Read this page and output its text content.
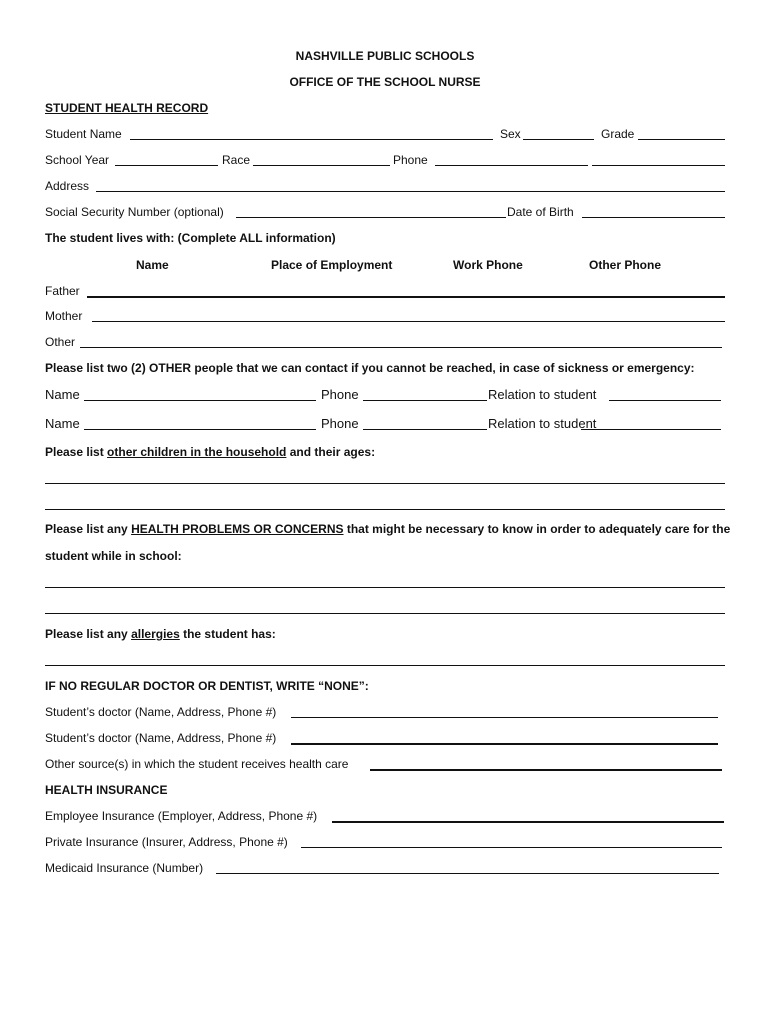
NASHVILLE PUBLIC SCHOOLS
OFFICE OF THE SCHOOL NURSE
STUDENT HEALTH RECORD
Student Name	Sex	Grade
School Year	Race	Phone
Address
Social Security Number (optional)	Date of Birth
The student lives with: (Complete ALL information)
Name	Place of Employment	Work Phone	Other Phone
Father
Mother
Other
Please list two (2) OTHER people that we can contact if you cannot be reached, in case of sickness or emergency:
Name	Phone	Relation to student
Name	Phone	Relation to student
Please list other children in the household and their ages:
Please list any HEALTH PROBLEMS OR CONCERNS that might be necessary to know in order to adequately care for the
student while in school:
Please list any allergies the student has:
IF NO REGULAR DOCTOR OR DENTIST, WRITE “NONE”:
Student’s doctor (Name, Address, Phone #)
Student’s doctor (Name, Address, Phone #)
Other source(s) in which the student receives health care
HEALTH INSURANCE
Employee Insurance (Employer, Address, Phone #)
Private Insurance (Insurer, Address, Phone #)
Medicaid Insurance (Number)
